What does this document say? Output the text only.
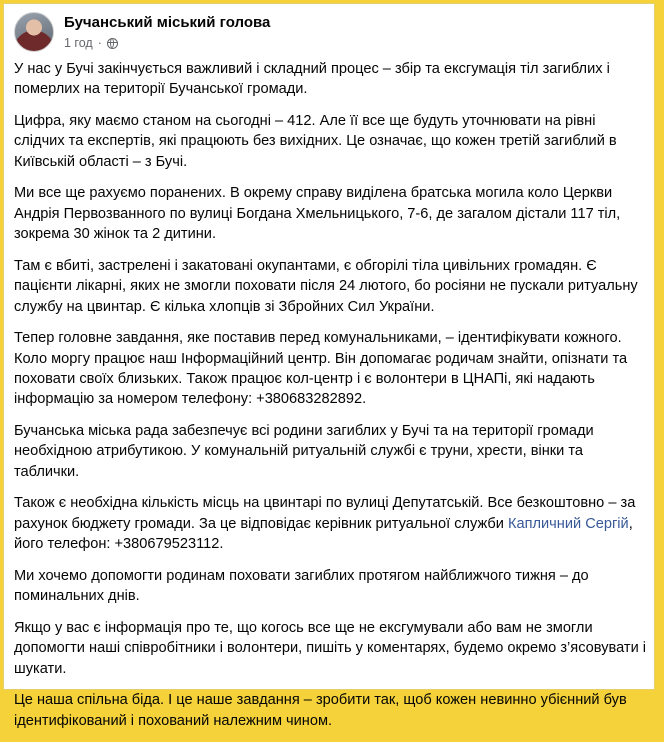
Бучанський міський голова
1 год ·

У нас у Бучі закінчується важливий і складний процес – збір та ексгумація тіл загиблих і померлих на території Бучанської громади.

Цифра, яку маємо станом на сьогодні – 412. Але її все ще будуть уточнювати на рівні слідчих та експертів, які працюють без вихідних. Це означає, що кожен третій загиблий в Київській області – з Бучі.

Ми все ще рахуємо поранених. В окрему справу виділена братська могила коло Церкви Андрія Первозванного по вулиці Богдана Хмельницького, 7-6, де загалом дістали 117 тіл, зокрема 30 жінок та 2 дитини.

Там є вбиті, застрелені і закатовані окупантами, є обгорілі тіла цивільних громадян. Є пацієнти лікарні, яких не змогли поховати після 24 лютого, бо росіяни не пускали ритуальну службу на цвинтар. Є кілька хлопців зі Збройних Сил України.

Тепер головне завдання, яке поставив перед комунальниками, – ідентифікувати кожного. Коло моргу працює наш Інформаційний центр. Він допомагає родичам знайти, опізнати та поховати своїх близьких. Також працює кол-центр і є волонтери в ЦНАПі, які надають інформацію за номером телефону: +380683282892.

Бучанська міська рада забезпечує всі родини загиблих у Бучі та на території громади необхідною атрибутикою. У комунальній ритуальній службі є труни, хрести, вінки та таблички.

Також є необхідна кількість місць на цвинтарі по вулиці Депутатській. Все безкоштовно – за рахунок бюджету громади. За це відповідає керівник ритуальної служби Капличний Сергій, його телефон: +380679523112.

Ми хочемо допомогти родинам поховати загиблих протягом найближчого тижня – до поминальних днів.

Якщо у вас є інформація про те, що когось все ще не ексгумували або вам не змогли допомогти наші співробітники і волонтери, пишіть у коментарях, будемо окремо з’ясовувати і шукати.

Це наша спільна біда. І це наше завдання – зробити так, щоб кожен невинно убієнний був ідентифікований і похований належним чином.
